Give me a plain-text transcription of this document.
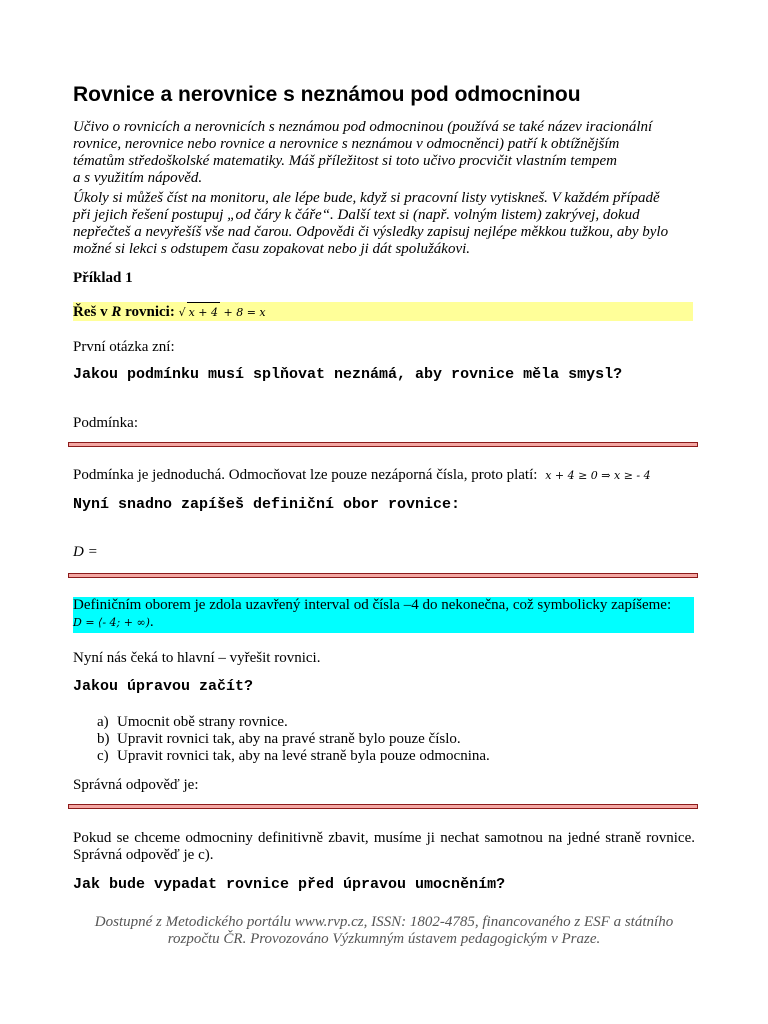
Rovnice a nerovnice s neznámou pod odmocninou
Učivo o rovnicích a nerovnicích s neznámou pod odmocninou (používá se také název iracionální
rovnice, nerovnice nebo rovnice a nerovnice s neznámou v odmocněnci) patří k obtížnějším
tématům středoškolské matematiky. Máš příležitost si toto učivo procvičit vlastním tempem
a s využitím nápověd.
Úkoly si můžeš číst na monitoru, ale lépe bude, když si pracovní listy vytiskneš. V každém případě
při jejich řešení postupuj „od čáry k čáře“. Další text si (např. volným listem) zakrývej, dokud
nepřečteš a nevyřešíš vše nad čarou. Odpovědi či výsledky zapisuj nejlépe měkkou tužkou, aby bylo
možné si lekci s odstupem času zopakovat nebo ji dát spolužákovi.
Příklad 1
Řeš v R rovnici: √ x + 4 + 8 = x
První otázka zní:
Jakou podmínku musí splňovat neznámá, aby rovnice měla smysl?
Podmínka:
Podmínka je jednoduchá. Odmocňovat lze pouze nezáporná čísla, proto platí: x + 4 ≥ 0 ⇒ x ≥ - 4
Nyní snadno zapíšeš definiční obor rovnice:
D =
Definičním oborem je zdola uzavřený interval od čísla –4 do nekonečna, což symbolicky zapíšeme:
D = ⟨- 4; + ∞).
Nyní nás čeká to hlavní – vyřešit rovnici.
Jakou úpravou začít?
a) Umocnit obě strany rovnice.
b) Upravit rovnici tak, aby na pravé straně bylo pouze číslo.
c) Upravit rovnici tak, aby na levé straně byla pouze odmocnina.
Správná odpověď je:
Pokud se chceme odmocniny definitivně zbavit, musíme ji nechat samotnou na jedné straně rovnice. Správná odpověď je c).
Jak bude vypadat rovnice před úpravou umocněním?
Dostupné z Metodického portálu www.rvp.cz, ISSN: 1802-4785, financovaného z ESF a státního
rozpočtu ČR. Provozováno Výzkumným ústavem pedagogickým v Praze.
